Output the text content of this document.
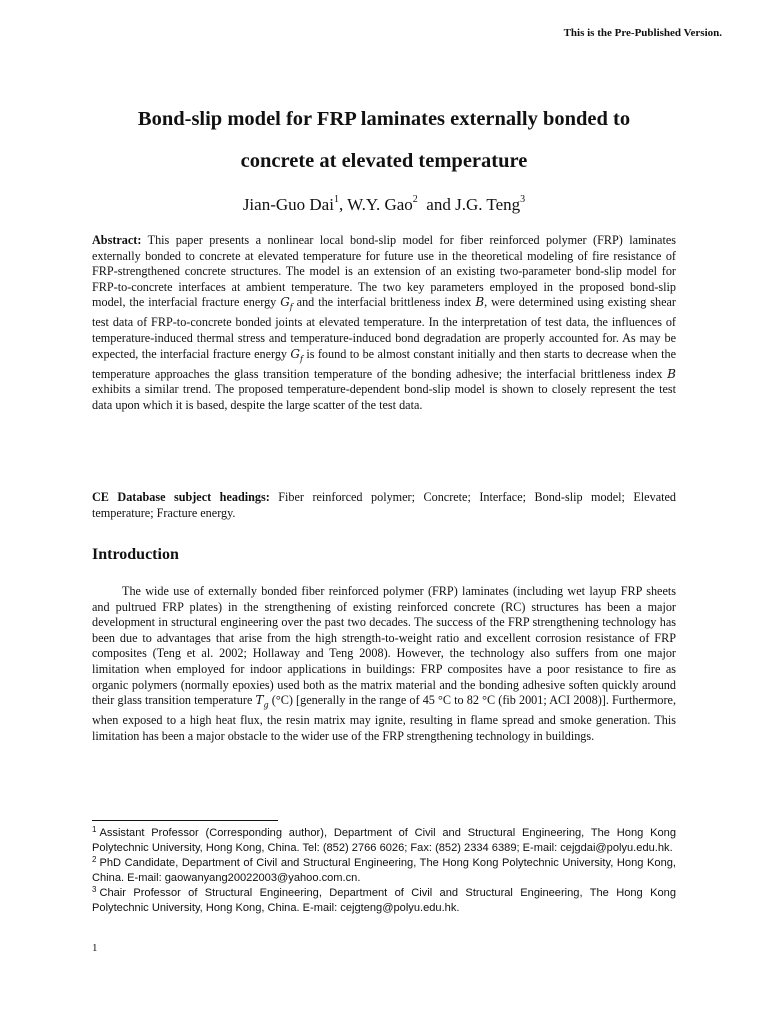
This is the Pre-Published Version.
Bond-slip model for FRP laminates externally bonded to
concrete at elevated temperature
Jian-Guo Dai$^1$, W.Y. Gao$^2$  and J.G. Teng$^3$
Abstract: This paper presents a nonlinear local bond-slip model for fiber reinforced polymer (FRP) laminates externally bonded to concrete at elevated temperature for future use in the theoretical modeling of fire resistance of FRP-strengthened concrete structures. The model is an extension of an existing two-parameter bond-slip model for FRP-to-concrete interfaces at ambient temperature. The two key parameters employed in the proposed bond-slip model, the interfacial fracture energy $G_f$ and the interfacial brittleness index B, were determined using existing shear test data of FRP-to-concrete bonded joints at elevated temperature. In the interpretation of test data, the influences of temperature-induced thermal stress and temperature-induced bond degradation are properly accounted for. As may be expected, the interfacial fracture energy $G_f$ is found to be almost constant initially and then starts to decrease when the temperature approaches the glass transition temperature of the bonding adhesive; the interfacial brittleness index B exhibits a similar trend. The proposed temperature-dependent bond-slip model is shown to closely represent the test data upon which it is based, despite the large scatter of the test data.
CE Database subject headings: Fiber reinforced polymer; Concrete; Interface; Bond-slip model; Elevated temperature; Fracture energy.
Introduction
The wide use of externally bonded fiber reinforced polymer (FRP) laminates (including wet layup FRP sheets and pultrued FRP plates) in the strengthening of existing reinforced concrete (RC) structures has been a major development in structural engineering over the past two decades. The success of the FRP strengthening technology has been due to advantages that arise from the high strength-to-weight ratio and excellent corrosion resistance of FRP composites (Teng et al. 2002; Hollaway and Teng 2008). However, the technology also suffers from one major limitation when employed for indoor applications in buildings: FRP composites have a poor resistance to fire as organic polymers (normally epoxies) used both as the matrix material and the bonding adhesive soften quickly around their glass transition temperature $T_g$ (°C) [generally in the range of 45 °C to 82 °C (fib 2001; ACI 2008)]. Furthermore, when exposed to a high heat flux, the resin matrix may ignite, resulting in flame spread and smoke generation. This limitation has been a major obstacle to the wider use of the FRP strengthening technology in buildings.

$^1$ Assistant Professor (Corresponding author), Department of Civil and Structural Engineering, The Hong Kong Polytechnic University, Hong Kong, China. Tel: (852) 2766 6026; Fax: (852) 2334 6389; E-mail: cejgdai@polyu.edu.hk.

$^2$ PhD Candidate, Department of Civil and Structural Engineering, The Hong Kong Polytechnic University, Hong Kong, China. E-mail: gaowanyang20022003@yahoo.com.cn.

$^3$ Chair Professor of Structural Engineering, Department of Civil and Structural Engineering, The Hong Kong Polytechnic University, Hong Kong, China. E-mail: cejgteng@polyu.edu.hk.

1
